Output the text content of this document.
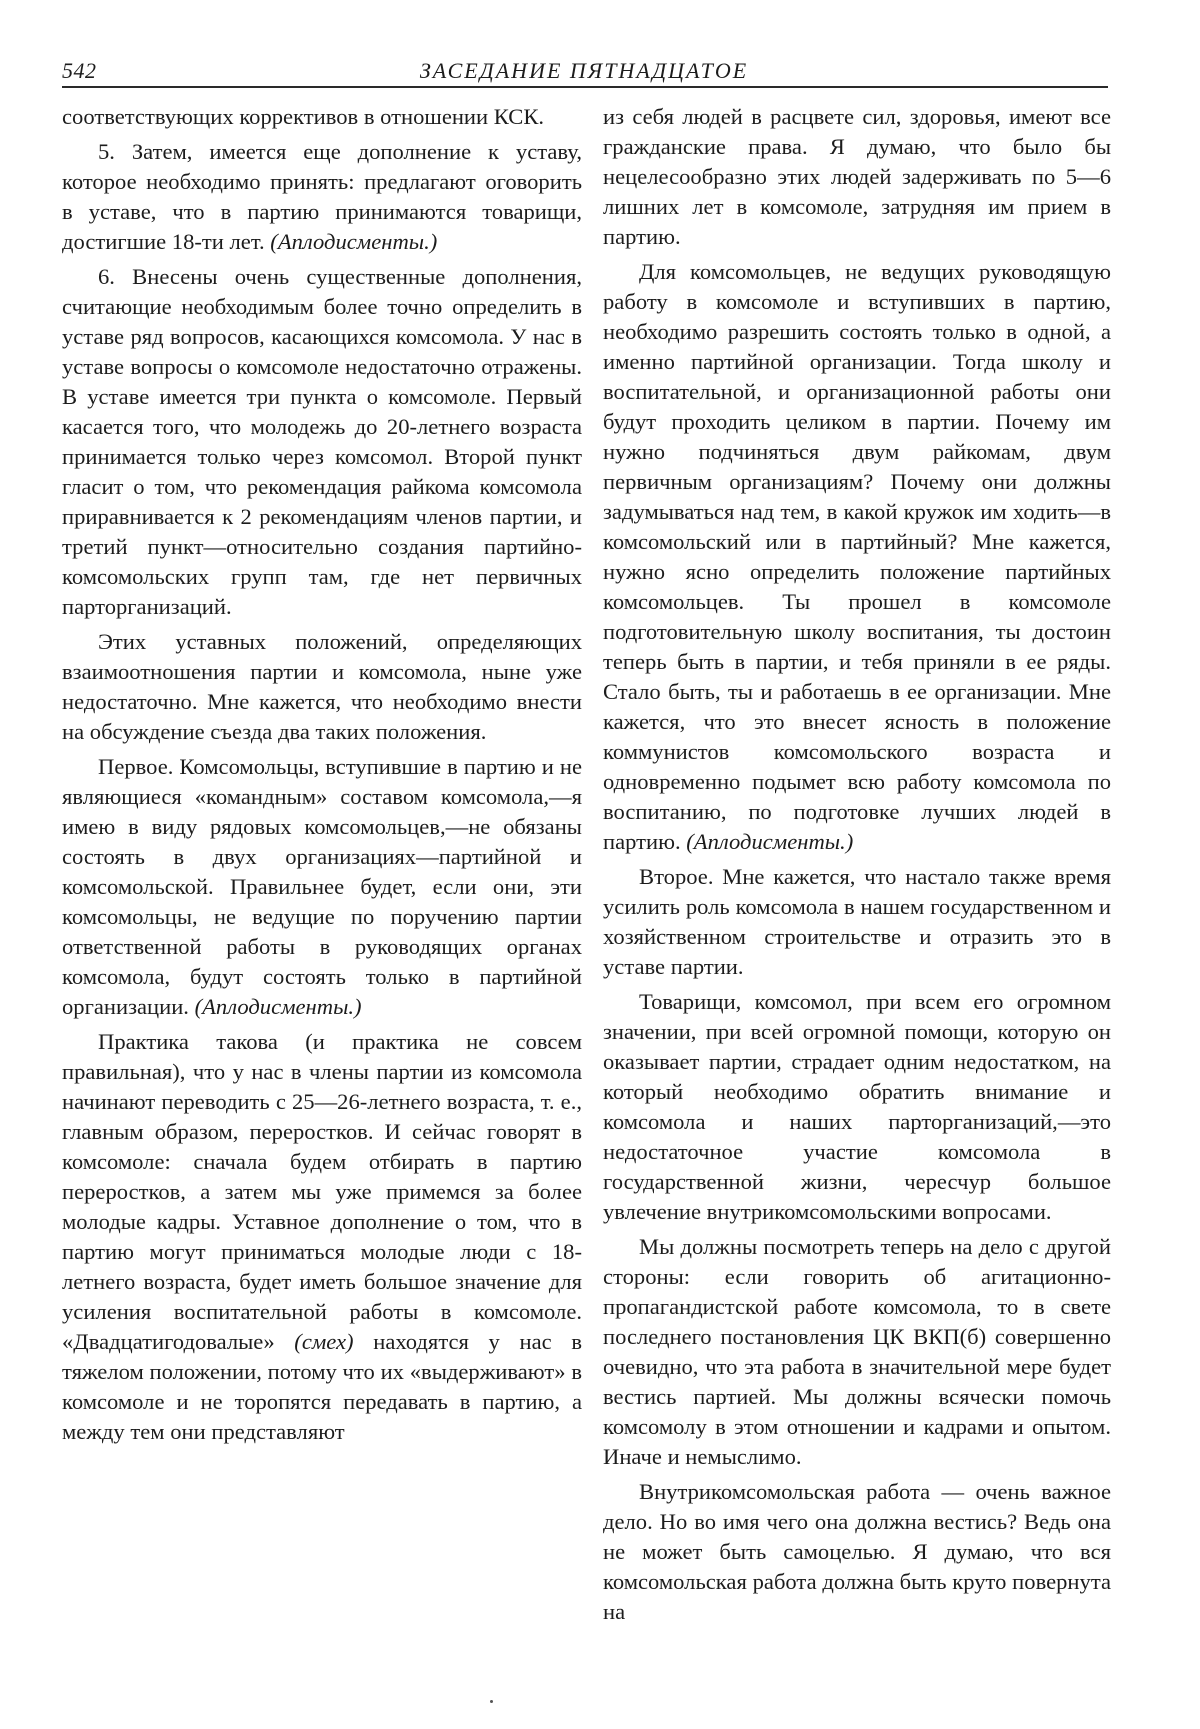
542	ЗАСЕДАНИЕ ПЯТНАДЦАТОЕ

соответствующих коррективов в отношении КСК.

5. Затем, имеется еще дополнение к уставу, которое необходимо принять: предлагают оговорить в уставе, что в партию принимаются товарищи, достигшие 18-ти лет. (Аплодисменты.)

6. Внесены очень существенные дополнения, считающие необходимым более точно определить в уставе ряд вопросов, касающихся комсомола. У нас в уставе вопросы о комсомоле недостаточно отражены. В уставе имеется три пункта о комсомоле. Первый касается того, что молодежь до 20-летнего возраста принимается только через комсомол. Второй пункт гласит о том, что рекомендация райкома комсомола приравнивается к 2 рекомендациям членов партии, и третий пункт—относительно создания партийно-комсомольских групп там, где нет первичных парторганизаций.

Этих уставных положений, определяющих взаимоотношения партии и комсомола, ныне уже недостаточно. Мне кажется, что необходимо внести на обсуждение съезда два таких положения.

Первое. Комсомольцы, вступившие в партию и не являющиеся «командным» составом комсомола,—я имею в виду рядовых комсомольцев,—не обязаны состоять в двух организациях—партийной и комсомольской. Правильнее будет, если они, эти комсомольцы, не ведущие по поручению партии ответственной работы в руководящих органах комсомола, будут состоять только в партийной организации. (Аплодисменты.)

Практика такова (и практика не совсем правильная), что у нас в члены партии из комсомола начинают переводить с 25—26-летнего возраста, т. е., главным образом, переростков. И сейчас говорят в комсомоле: сначала будем отбирать в партию переростков, а затем мы уже примемся за более молодые кадры. Уставное дополнение о том, что в партию могут приниматься молодые люди с 18-летнего возраста, будет иметь большое значение для усиления воспитательной работы в комсомоле. «Двадцатигодовалые» (смех) находятся у нас в тяжелом положении, потому что их «выдерживают» в комсомоле и не торопятся передавать в партию, а между тем они представляют

из себя людей в расцвете сил, здоровья, имеют все гражданские права. Я думаю, что было бы нецелесообразно этих людей задерживать по 5—6 лишних лет в комсомоле, затрудняя им прием в партию.

Для комсомольцев, не ведущих руководящую работу в комсомоле и вступивших в партию, необходимо разрешить состоять только в одной, а именно партийной организации. Тогда школу и воспитательной, и организационной работы они будут проходить целиком в партии. Почему им нужно подчиняться двум райкомам, двум первичным организациям? Почему они должны задумываться над тем, в какой кружок им ходить—в комсомольский или в партийный? Мне кажется, нужно ясно определить положение партийных комсомольцев. Ты прошел в комсомоле подготовительную школу воспитания, ты достоин теперь быть в партии, и тебя приняли в ее ряды. Стало быть, ты и работаешь в ее организации. Мне кажется, что это внесет ясность в положение коммунистов комсомольского возраста и одновременно подымет всю работу комсомола по воспитанию, по подготовке лучших людей в партию. (Аплодисменты.)

Второе. Мне кажется, что настало также время усилить роль комсомола в нашем государственном и хозяйственном строительстве и отразить это в уставе партии.

Товарищи, комсомол, при всем его огромном значении, при всей огромной помощи, которую он оказывает партии, страдает одним недостатком, на который необходимо обратить внимание и комсомола и наших парторганизаций,—это недостаточное участие комсомола в государственной жизни, чересчур большое увлечение внутрикомсомольскими вопросами.

Мы должны посмотреть теперь на дело с другой стороны: если говорить об агитационно-пропагандистской работе комсомола, то в свете последнего постановления ЦК ВКП(б) совершенно очевидно, что эта работа в значительной мере будет вестись партией. Мы должны всячески помочь комсомолу в этом отношении и кадрами и опытом. Иначе и немыслимо.

Внутрикомсомольская работа — очень важное дело. Но во имя чего она должна вестись? Ведь она не может быть самоцелью. Я думаю, что вся комсомольская работа должна быть круто повернута на
